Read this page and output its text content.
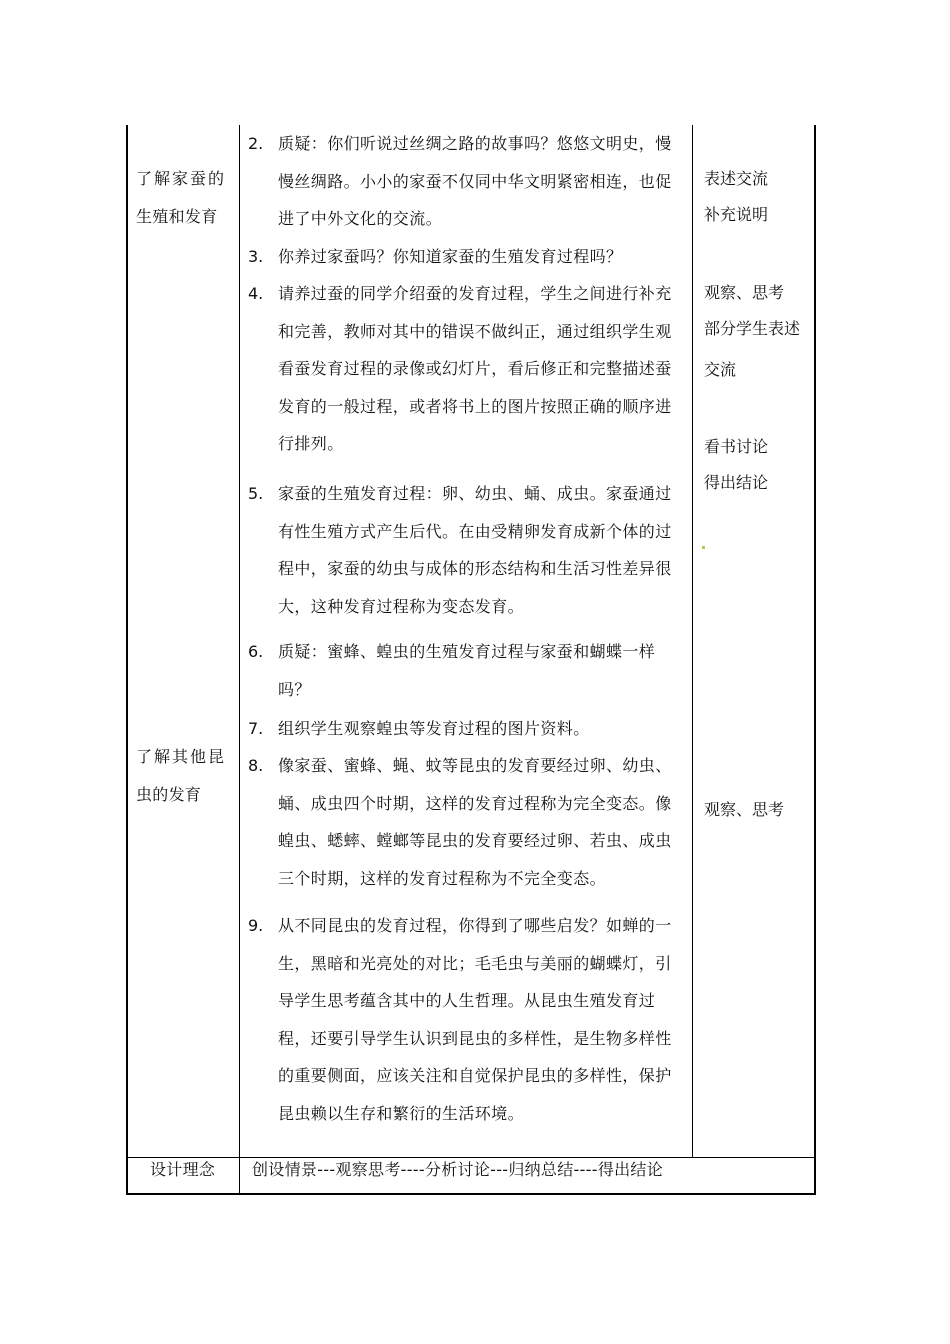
了解家蚕的
生殖和发育
了解其他昆
虫的发育
设计理念
2. 质疑：你们听说过丝绸之路的故事吗？悠悠文明史，慢
慢丝绸路。小小的家蚕不仅同中华文明紧密相连，也促
进了中外文化的交流。
3. 你养过家蚕吗？你知道家蚕的生殖发育过程吗？
4. 请养过蚕的同学介绍蚕的发育过程，学生之间进行补充
和完善，教师对其中的错误不做纠正，通过组织学生观
看蚕发育过程的录像或幻灯片，看后修正和完整描述蚕
发育的一般过程，或者将书上的图片按照正确的顺序进
行排列。
5. 家蚕的生殖发育过程：卵、幼虫、蛹、成虫。家蚕通过
有性生殖方式产生后代。在由受精卵发育成新个体的过
程中，家蚕的幼虫与成体的形态结构和生活习性差异很
大，这种发育过程称为变态发育。
6. 质疑：蜜蜂、蝗虫的生殖发育过程与家蚕和蝴蝶一样
吗？
7. 组织学生观察蝗虫等发育过程的图片资料。
8. 像家蚕、蜜蜂、蝇、蚊等昆虫的发育要经过卵、幼虫、
蛹、成虫四个时期，这样的发育过程称为完全变态。像
蝗虫、蟋蟀、螳螂等昆虫的发育要经过卵、若虫、成虫
三个时期，这样的发育过程称为不完全变态。
9. 从不同昆虫的发育过程，你得到了哪些启发？如蝉的一
生，黑暗和光亮处的对比；毛毛虫与美丽的蝴蝶灯，引
导学生思考蕴含其中的人生哲理。从昆虫生殖发育过
程，还要引导学生认识到昆虫的多样性，是生物多样性
的重要侧面，应该关注和自觉保护昆虫的多样性，保护
昆虫赖以生存和繁衍的生活环境。
表述交流
补充说明
观察、思考
部分学生表述
交流
看书讨论
得出结论
观察、思考
创设情景---观察思考----分析讨论---归纳总结----得出结论
